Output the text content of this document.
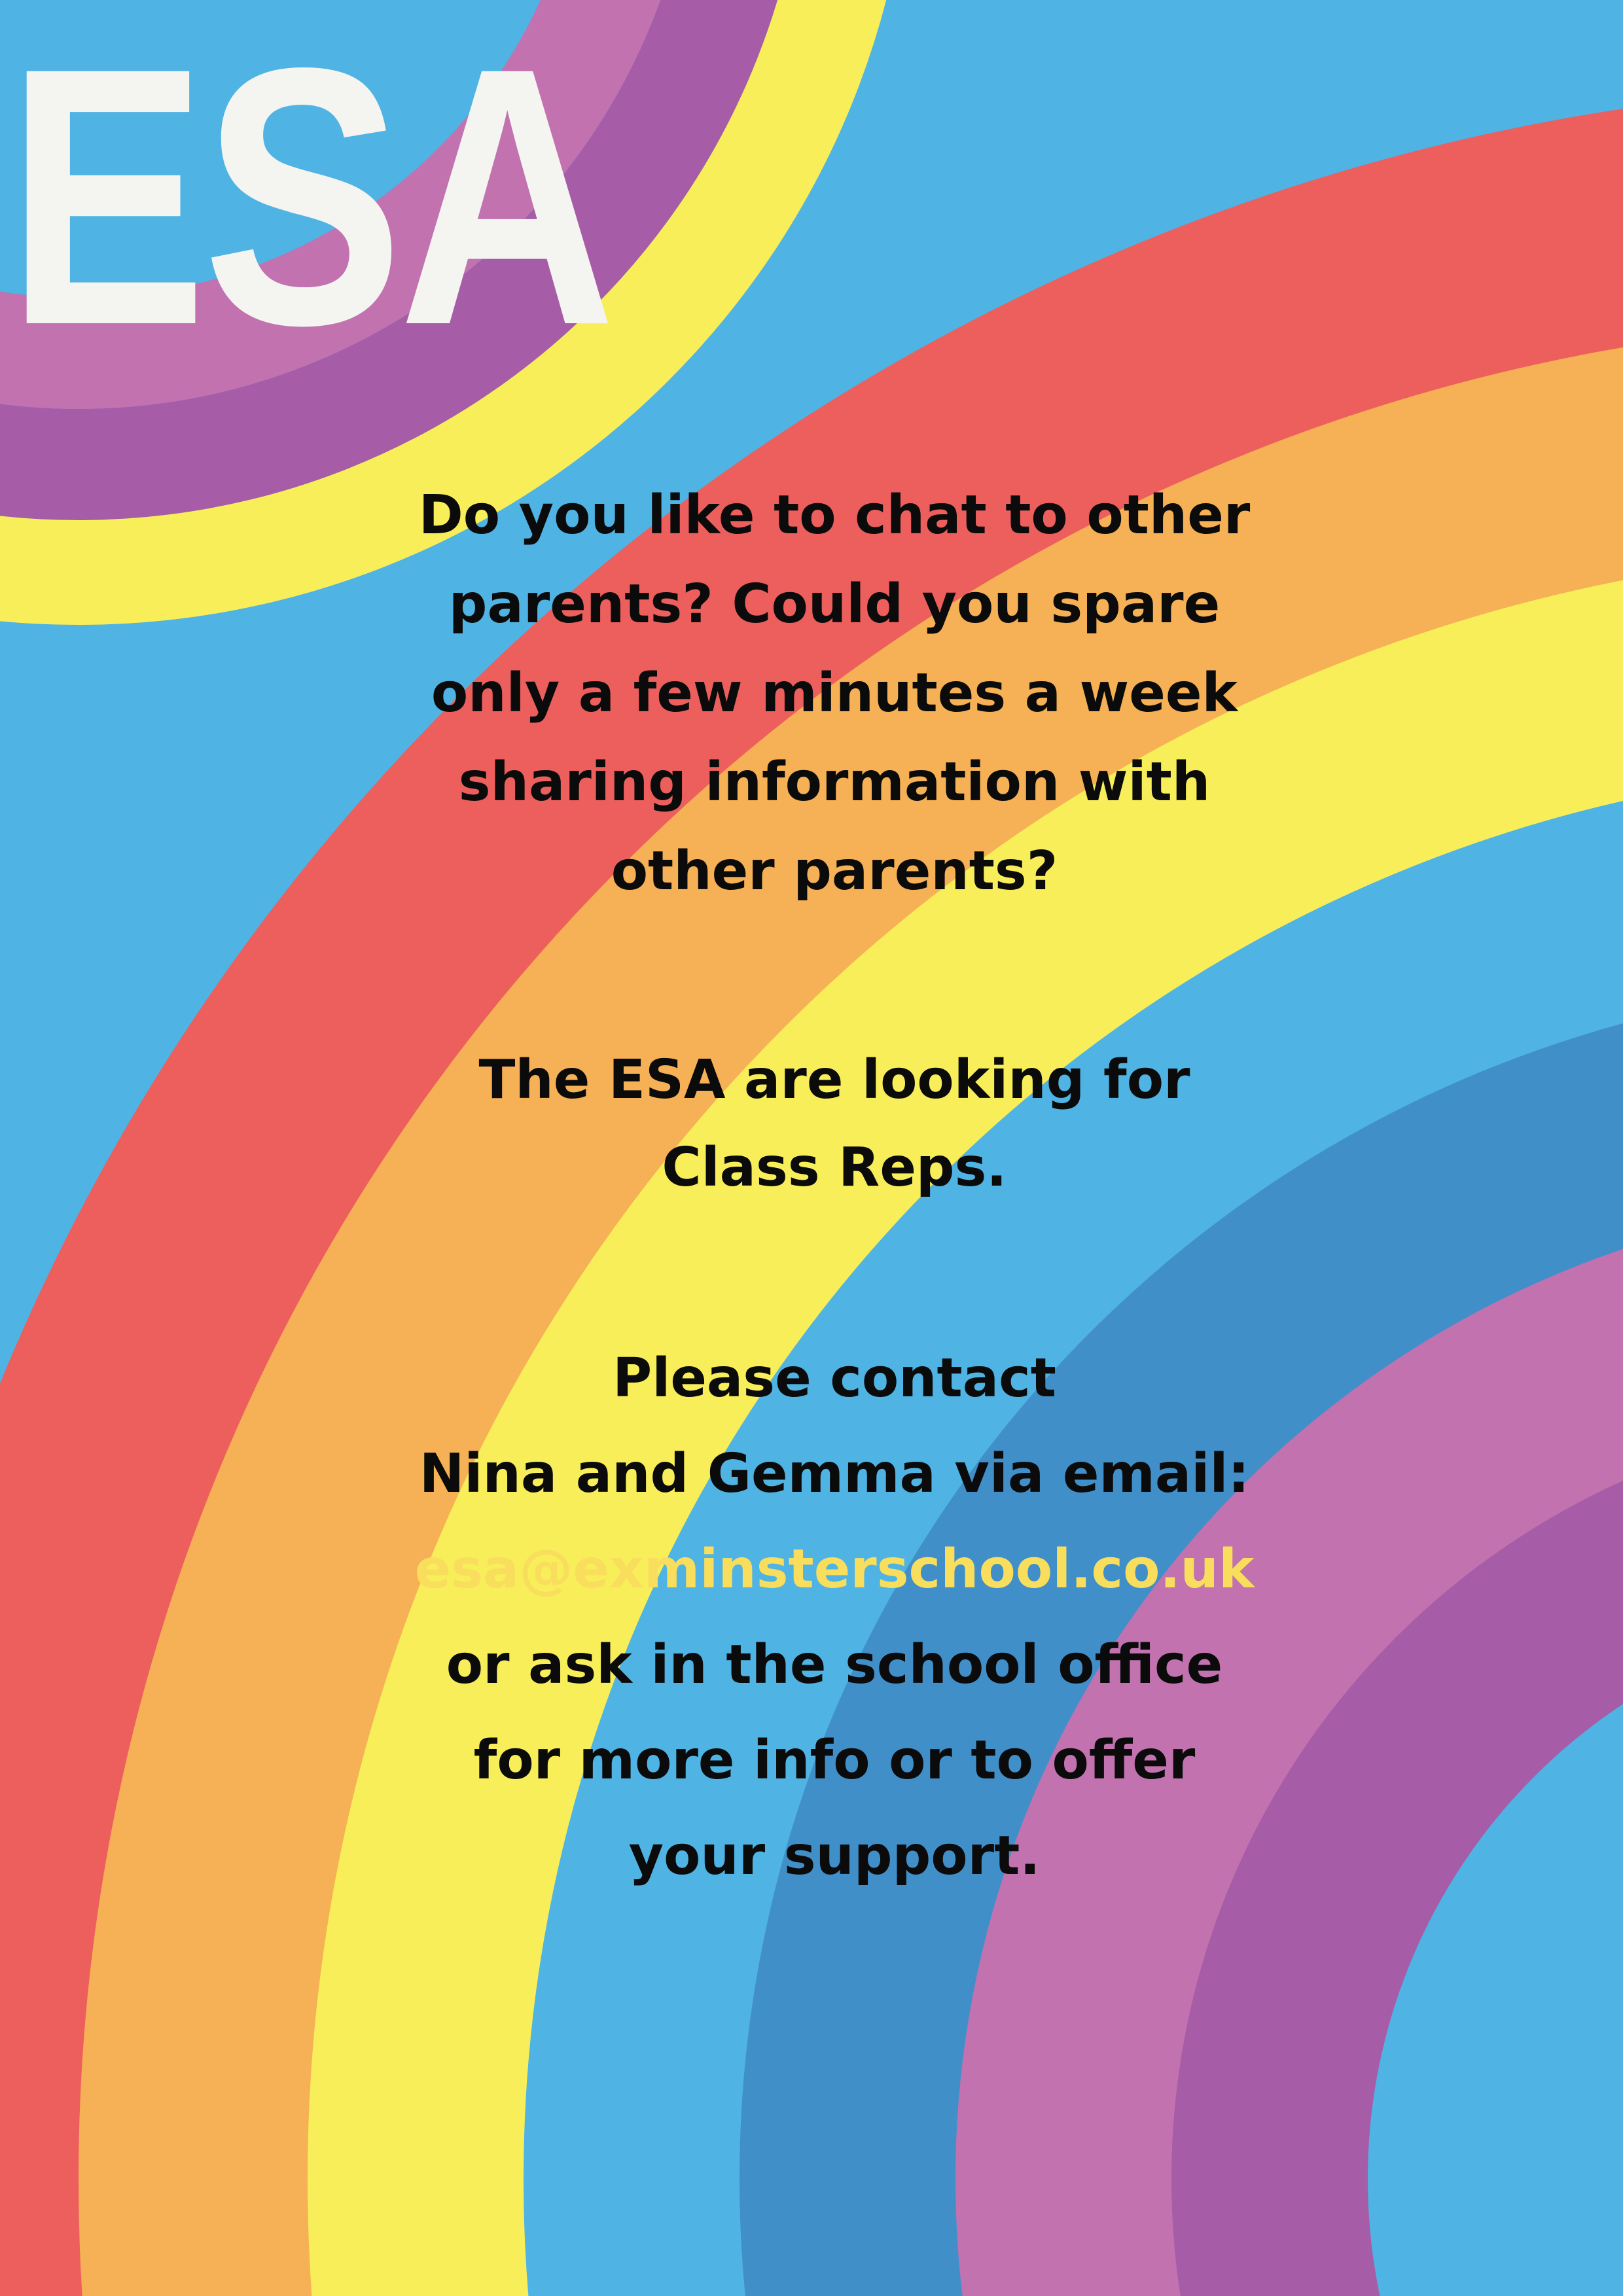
ESA
Do you like to chat to other
parents? Could you spare
only a few minutes a week
sharing information with
other parents?
The ESA are looking for
Class Reps.
Please contact
Nina and Gemma via email:
esa@exminsterschool.co.uk
or ask in the school office
for more info or to offer
your support.
